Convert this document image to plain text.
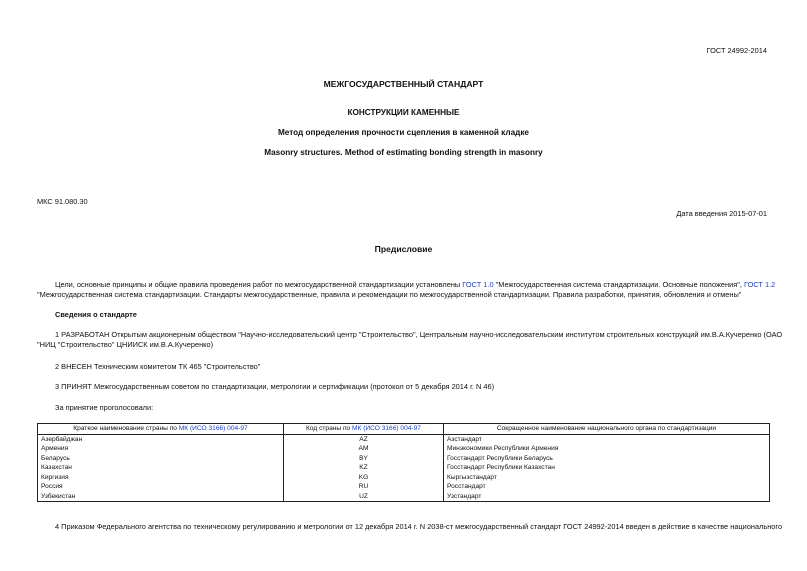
ГОСТ 24992-2014
МЕЖГОСУДАРСТВЕННЫЙ СТАНДАРТ
КОНСТРУКЦИИ КАМЕННЫЕ
Метод определения прочности сцепления в каменной кладке
Masonry structures. Method of estimating bonding strength in masonry
МКС 91.080.30
Дата введения 2015-07-01
Предисловие
Цели, основные принципы и общие правила проведения работ по межгосударственной стандартизации установлены ГОСТ 1.0 "Межгосударственная система стандартизации. Основные положения", ГОСТ 1.2
"Межгосударственная система стандартизации. Стандарты межгосударственные, правила и рекомендации по межгосударственной стандартизации. Правила разработки, принятия, обновления и отмены"
Сведения о стандарте
1 РАЗРАБОТАН Открытым акционерным обществом "Научно-исследовательский центр "Строительство", Центральным научно-исследовательским институтом строительных конструкций им.В.А.Кучеренко (ОАО
"НИЦ "Строительство" ЦНИИСК им.В.А.Кучеренко)
2 ВНЕСЕН Техническим комитетом ТК 465 "Строительство"
3 ПРИНЯТ Межгосударственным советом по стандартизации, метрологии и сертификации (протокол от 5 декабря 2014 г. N 46)
За принятие проголосовали:
Краткое наименование страны по МК (ИСО 3166) 004-97	Код страны по МК (ИСО 3166) 004-97	Сокращенное наименование национального органа по стандартизации
Азербайджан	AZ	Азстандарт
Армения	AM	Минэкономики Республики Армения
Беларусь	BY	Госстандарт Республики Беларусь
Казахстан	KZ	Госстандарт Республики Казахстан
Киргизия	KG	Кыргызстандарт
Россия	RU	Росстандарт
Узбекистан	UZ	Узстандарт
4 Приказом Федерального агентства по техническому регулированию и метрологии от 12 декабря 2014 г. N 2038-ст межгосударственный стандарт ГОСТ 24992-2014 введен в действие в качестве национального
